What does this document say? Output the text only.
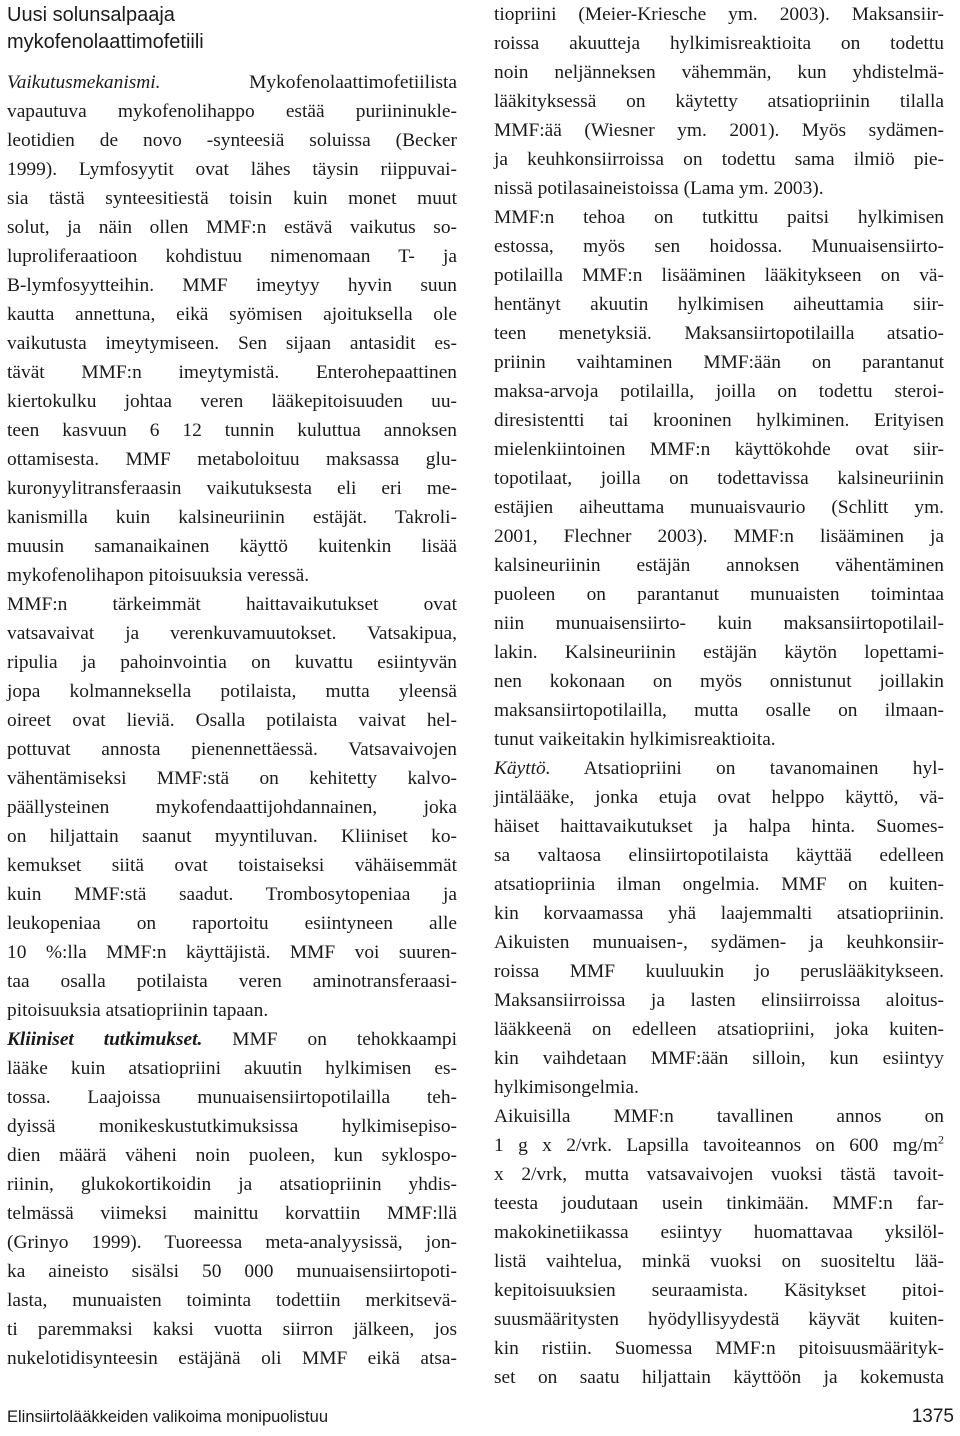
Uusi solunsalpaaja
mykofenolaattimofetiili
Vaikutusmekanismi. Mykofenolaattimofetiilista
vapautuva mykofenolihappo estää puriininukle-
leotidien de novo -synteesiä soluissa (Becker
1999). Lymfosyytit ovat lähes täysin riippuvai-
sia tästä synteesitiestä toisin kuin monet muut
solut, ja näin ollen MMF:n estävä vaikutus so-
luproliferaatioon kohdistuu nimenomaan T- ja
B-lymfosyytteihin. MMF imeytyy hyvin suun
kautta annettuna, eikä syömisen ajoituksella ole
vaikutusta imeytymiseen. Sen sijaan antasidit es-
tävät MMF:n imeytymistä. Enterohepaattinen
kiertokulku johtaa veren lääkepitoisuuden uu-
teen kasvuun 6 12 tunnin kuluttua annoksen
ottamisesta. MMF metaboloituu maksassa glu-
kuronyylitransferaasin vaikutuksesta eli eri me-
kanismilla kuin kalsineuriinin estäjät. Takroli-
muusin samanaikainen käyttö kuitenkin lisää
mykofenolihapon pitoisuuksia veressä.
MMF:n tärkeimmät haittavaikutukset ovat
vatsavaivat ja verenkuvamuutokset. Vatsakipua,
ripulia ja pahoinvointia on kuvattu esiintyvän
jopa kolmanneksella potilaista, mutta yleensä
oireet ovat lieviä. Osalla potilaista vaivat hel-
pottuvat annosta pienennettäessä. Vatsavaivojen
vähentämiseksi MMF:stä on kehitetty kalvo-
päällysteinen mykofendaattijohdannainen, joka
on hiljattain saanut myyntiluvan. Kliiniset ko-
kemukset siitä ovat toistaiseksi vähäisemmät
kuin MMF:stä saadut. Trombosytopeniaa ja
leukopeniaa on raportoitu esiintyneen alle
10 %:lla MMF:n käyttäjistä. MMF voi suuren-
taa osalla potilaista veren aminotransferaasi-
pitoisuuksia atsatiopriinin tapaan.
Kliiniset tutkimukset. MMF on tehokkaampi
lääke kuin atsatiopriini akuutin hylkimisen es-
tossa. Laajoissa munuaisensiirtopotilailla teh-
dyissä monikeskustutkimuksissa hylkimisepiso-
dien määrä väheni noin puoleen, kun syklospo-
riinin, glukokortikoidin ja atsatiopriinin yhdis-
telmässä viimeksi mainittu korvattiin MMF:llä
(Grinyo 1999). Tuoreessa meta-analyysissä, jon-
ka aineisto sisälsi 50 000 munuaisensiirtopoti-
lasta, munuaisten toiminta todettiin merkitsevä-
ti paremmaksi kaksi vuotta siirron jälkeen, jos
nukelotidisynteesin estäjänä oli MMF eikä atsa-
tiopriini (Meier-Kriesche ym. 2003). Maksansiir-
roissa akuutteja hylkimisreaktioita on todettu
noin neljänneksen vähemmän, kun yhdistelmä-
lääkityksessä on käytetty atsatiopriinin tilalla
MMF:ää (Wiesner ym. 2001). Myös sydämen-
ja keuhkonsiirroissa on todettu sama ilmiö pie-
nissä potilasaineistoissa (Lama ym. 2003).
MMF:n tehoa on tutkittu paitsi hylkimisen
estossa, myös sen hoidossa. Munuaisensiirto-
potilailla MMF:n lisääminen lääkitykseen on vä-
hentänyt akuutin hylkimisen aiheuttamia siir-
teen menetyksiä. Maksansiirtopotilailla atsatio-
priinin vaihtaminen MMF:ään on parantanut
maksa-arvoja potilailla, joilla on todettu steroi-
diresistentti tai krooninen hylkiminen. Erityisen
mielenkiintoinen MMF:n käyttökohde ovat siir-
topotilaat, joilla on todettavissa kalsineuriinin
estäjien aiheuttama munuaisvaurio (Schlitt ym.
2001, Flechner 2003). MMF:n lisääminen ja
kalsineuriinin estäjän annoksen vähentäminen
puoleen on parantanut munuaisten toimintaa
niin munuaisensiirto- kuin maksansiirtopotilail-
lakin. Kalsineuriinin estäjän käytön lopettami-
nen kokonaan on myös onnistunut joillakin
maksansiirtopotilailla, mutta osalle on ilmaan-
tunut vaikeitakin hylkimisreaktioita.
Käyttö. Atsatiopriini on tavanomainen hyl-
jintälääke, jonka etuja ovat helppo käyttö, vä-
häiset haittavaikutukset ja halpa hinta. Suomes-
sa valtaosa elinsiirtopotilaista käyttää edelleen
atsatiopriinia ilman ongelmia. MMF on kuiten-
kin korvaamassa yhä laajemmalti atsatiopriinin.
Aikuisten munuaisen-, sydämen- ja keuhkonsiir-
roissa MMF kuuluukin jo peruslääkitykseen.
Maksansiirroissa ja lasten elinsiirroissa aloitus-
lääkkeenä on edelleen atsatiopriini, joka kuiten-
kin vaihdetaan MMF:ään silloin, kun esiintyy
hylkimisongelmia.
Aikuisilla MMF:n tavallinen annos on
1 g x 2/vrk. Lapsilla tavoiteannos on 600 $mg/m^2$
x 2/vrk, mutta vatsavaivojen vuoksi tästä tavoit-
teesta joudutaan usein tinkimään. MMF:n far-
makokinetiikassa esiintyy huomattavaa yksilöl-
listä vaihtelua, minkä vuoksi on suositeltu lää-
kepitoisuuksien seuraamista. Käsitykset pitoi-
suusmääritysten hyödyllisyydestä käyvät kuiten-
kin ristiin. Suomessa MMF:n pitoisuusmäärityk-
set on saatu hiljattain käyttöön ja kokemusta
Elinsiirtolääkkeiden valikoima monipuolistuu	1375
